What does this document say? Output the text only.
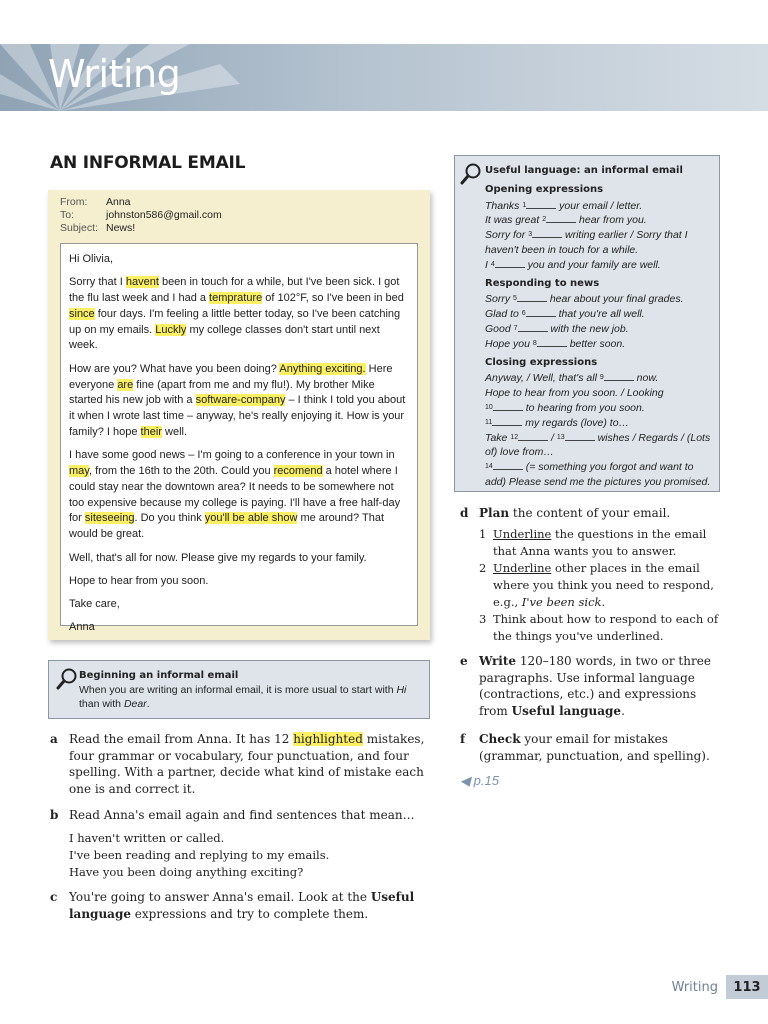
Writing
AN INFORMAL EMAIL
From:	Anna
To:	johnston586@gmail.com
Subject: News!

Hi Olivia,

Sorry that I havent been in touch for a while, but I've been sick. I got the flu last week and I had a temprature of 102°F, so I've been in bed since four days. I'm feeling a little better today, so I've been catching up on my emails. Luckly my college classes don't start until next week.

How are you? What have you been doing? Anything exciting. Here everyone are fine (apart from me and my flu!). My brother Mike started his new job with a software-company – I think I told you about it when I wrote last time – anyway, he's really enjoying it. How is your family? I hope their well.

I have some good news – I'm going to a conference in your town in may, from the 16th to the 20th. Could you recomend a hotel where I could stay near the downtown area? It needs to be somewhere not too expensive because my college is paying. I'll have a free half-day for siteseeing. Do you think you'll be able show me around? That would be great.

Well, that's all for now. Please give my regards to your family.

Hope to hear from you soon.

Take care,

Anna

Beginning an informal email
When you are writing an informal email, it is more usual to start with Hi than with Dear.
a Read the email from Anna. It has 12 highlighted mistakes, four grammar or vocabulary, four punctuation, and four spelling. With a partner, decide what kind of mistake each one is and correct it.
b Read Anna's email again and find sentences that mean…
I haven't written or called.
I've been reading and replying to my emails.
Have you been doing anything exciting?
c You're going to answer Anna's email. Look at the Useful language expressions and try to complete them.
Useful language: an informal email
Opening expressions
Thanks 1	your email / letter.
It was great 2	hear from you.
Sorry for 3	writing earlier / Sorry that I haven't been in touch for a while.
I 4	you and your family are well.
Responding to news
Sorry 5	hear about your final grades.
Glad to 6	that you're all well.
Good 7	with the new job.
Hope you 8	better soon.
Closing expressions
Anyway, / Well, that's all 9	now.
Hope to hear from you soon. / Looking
10	to hearing from you soon.
11	my regards (love) to…
Take 12	/ 13	wishes / Regards / (Lots of) love from…
14	(= something you forgot and want to add) Please send me the pictures you promised.
d Plan the content of your email.
1 Underline the questions in the email that Anna wants you to answer.
2 Underline other places in the email where you think you need to respond, e.g., I've been sick.
3 Think about how to respond to each of the things you've underlined.
e Write 120–180 words, in two or three paragraphs. Use informal language (contractions, etc.) and expressions from Useful language.
f Check your email for mistakes (grammar, punctuation, and spelling).
◀ p.15
Writing	113
